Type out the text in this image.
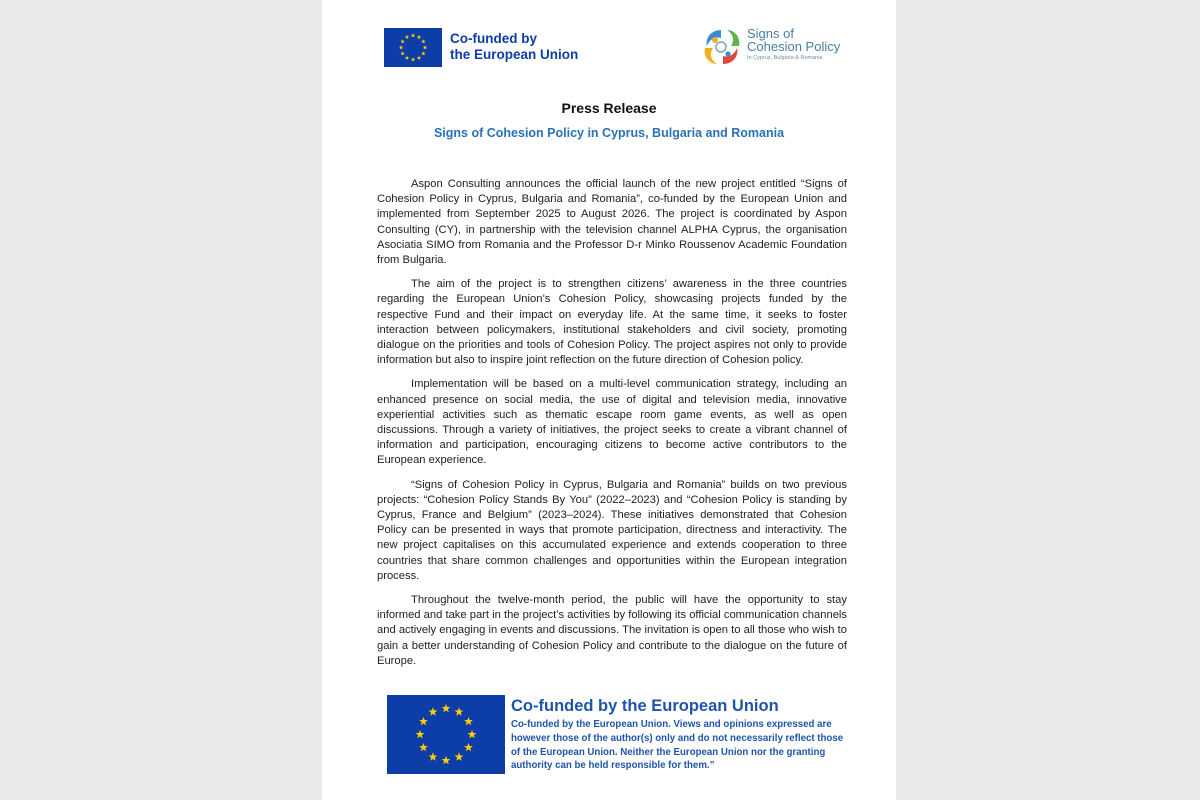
Co-funded by
the European Union
Signs of
Cohesion Policy
In Cyprus, Bulgaria & Romania
Press Release
Signs of Cohesion Policy in Cyprus, Bulgaria and Romania

Aspon Consulting announces the official launch of the new project entitled “Signs of Cohesion Policy in Cyprus, Bulgaria and Romania”, co-funded by the European Union and implemented from September 2025 to August 2026. The project is coordinated by Aspon Consulting (CY), in partnership with the television channel ALPHA Cyprus, the organisation Asociatia SIMO from Romania and the Professor D-r Minko Roussenov Academic Foundation from Bulgaria.

The aim of the project is to strengthen citizens’ awareness in the three countries regarding the European Union’s Cohesion Policy, showcasing projects funded by the respective Fund and their impact on everyday life. At the same time, it seeks to foster interaction between policymakers, institutional stakeholders and civil society, promoting dialogue on the priorities and tools of Cohesion Policy. The project aspires not only to provide information but also to inspire joint reflection on the future direction of Cohesion policy.

Implementation will be based on a multi-level communication strategy, including an enhanced presence on social media, the use of digital and television media, innovative experiential activities such as thematic escape room game events, as well as open discussions. Through a variety of initiatives, the project seeks to create a vibrant channel of information and participation, encouraging citizens to become active contributors to the European experience.

“Signs of Cohesion Policy in Cyprus, Bulgaria and Romania” builds on two previous projects: “Cohesion Policy Stands By You” (2022–2023) and “Cohesion Policy is standing by Cyprus, France and Belgium” (2023–2024). These initiatives demonstrated that Cohesion Policy can be presented in ways that promote participation, directness and interactivity. The new project capitalises on this accumulated experience and extends cooperation to three countries that share common challenges and opportunities within the European integration process.

Throughout the twelve-month period, the public will have the opportunity to stay informed and take part in the project’s activities by following its official communication channels and actively engaging in events and discussions. The invitation is open to all those who wish to gain a better understanding of Cohesion Policy and contribute to the dialogue on the future of Europe.

Co-funded by the European Union
Co-funded by the European Union. Views and opinions expressed are however those of the author(s) only and do not necessarily reflect those of the European Union. Neither the European Union nor the granting authority can be held responsible for them.”
